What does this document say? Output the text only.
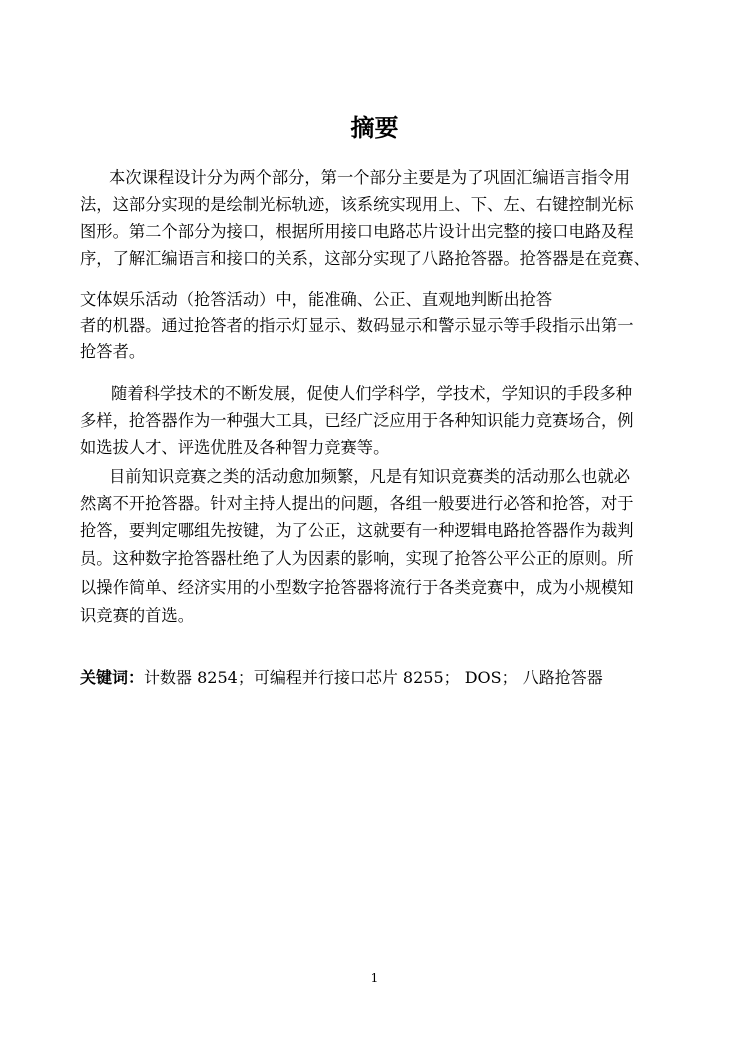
摘要
本次课程设计分为两个部分，第一个部分主要是为了巩固汇编语言指令用
法，这部分实现的是绘制光标轨迹，该系统实现用上、下、左、右键控制光标
图形。第二个部分为接口，根据所用接口电路芯片设计出完整的接口电路及程
序，了解汇编语言和接口的关系，这部分实现了八路抢答器。抢答器是在竞赛、
文体娱乐活动（抢答活动）中，能准确、公正、直观地判断出抢答
者的机器。通过抢答者的指示灯显示、数码显示和警示显示等手段指示出第一
抢答者。
随着科学技术的不断发展，促使人们学科学，学技术，学知识的手段多种
多样，抢答器作为一种强大工具，已经广泛应用于各种知识能力竞赛场合，例
如选拔人才、评选优胜及各种智力竞赛等。
目前知识竞赛之类的活动愈加频繁，凡是有知识竞赛类的活动那么也就必
然离不开抢答器。针对主持人提出的问题，各组一般要进行必答和抢答，对于
抢答，要判定哪组先按键，为了公正，这就要有一种逻辑电路抢答器作为裁判
员。这种数字抢答器杜绝了人为因素的影响，实现了抢答公平公正的原则。所
以操作简单、经济实用的小型数字抢答器将流行于各类竞赛中，成为小规模知
识竞赛的首选。
关键词：计数器 8254；可编程并行接口芯片 8255； DOS； 八路抢答器
1
